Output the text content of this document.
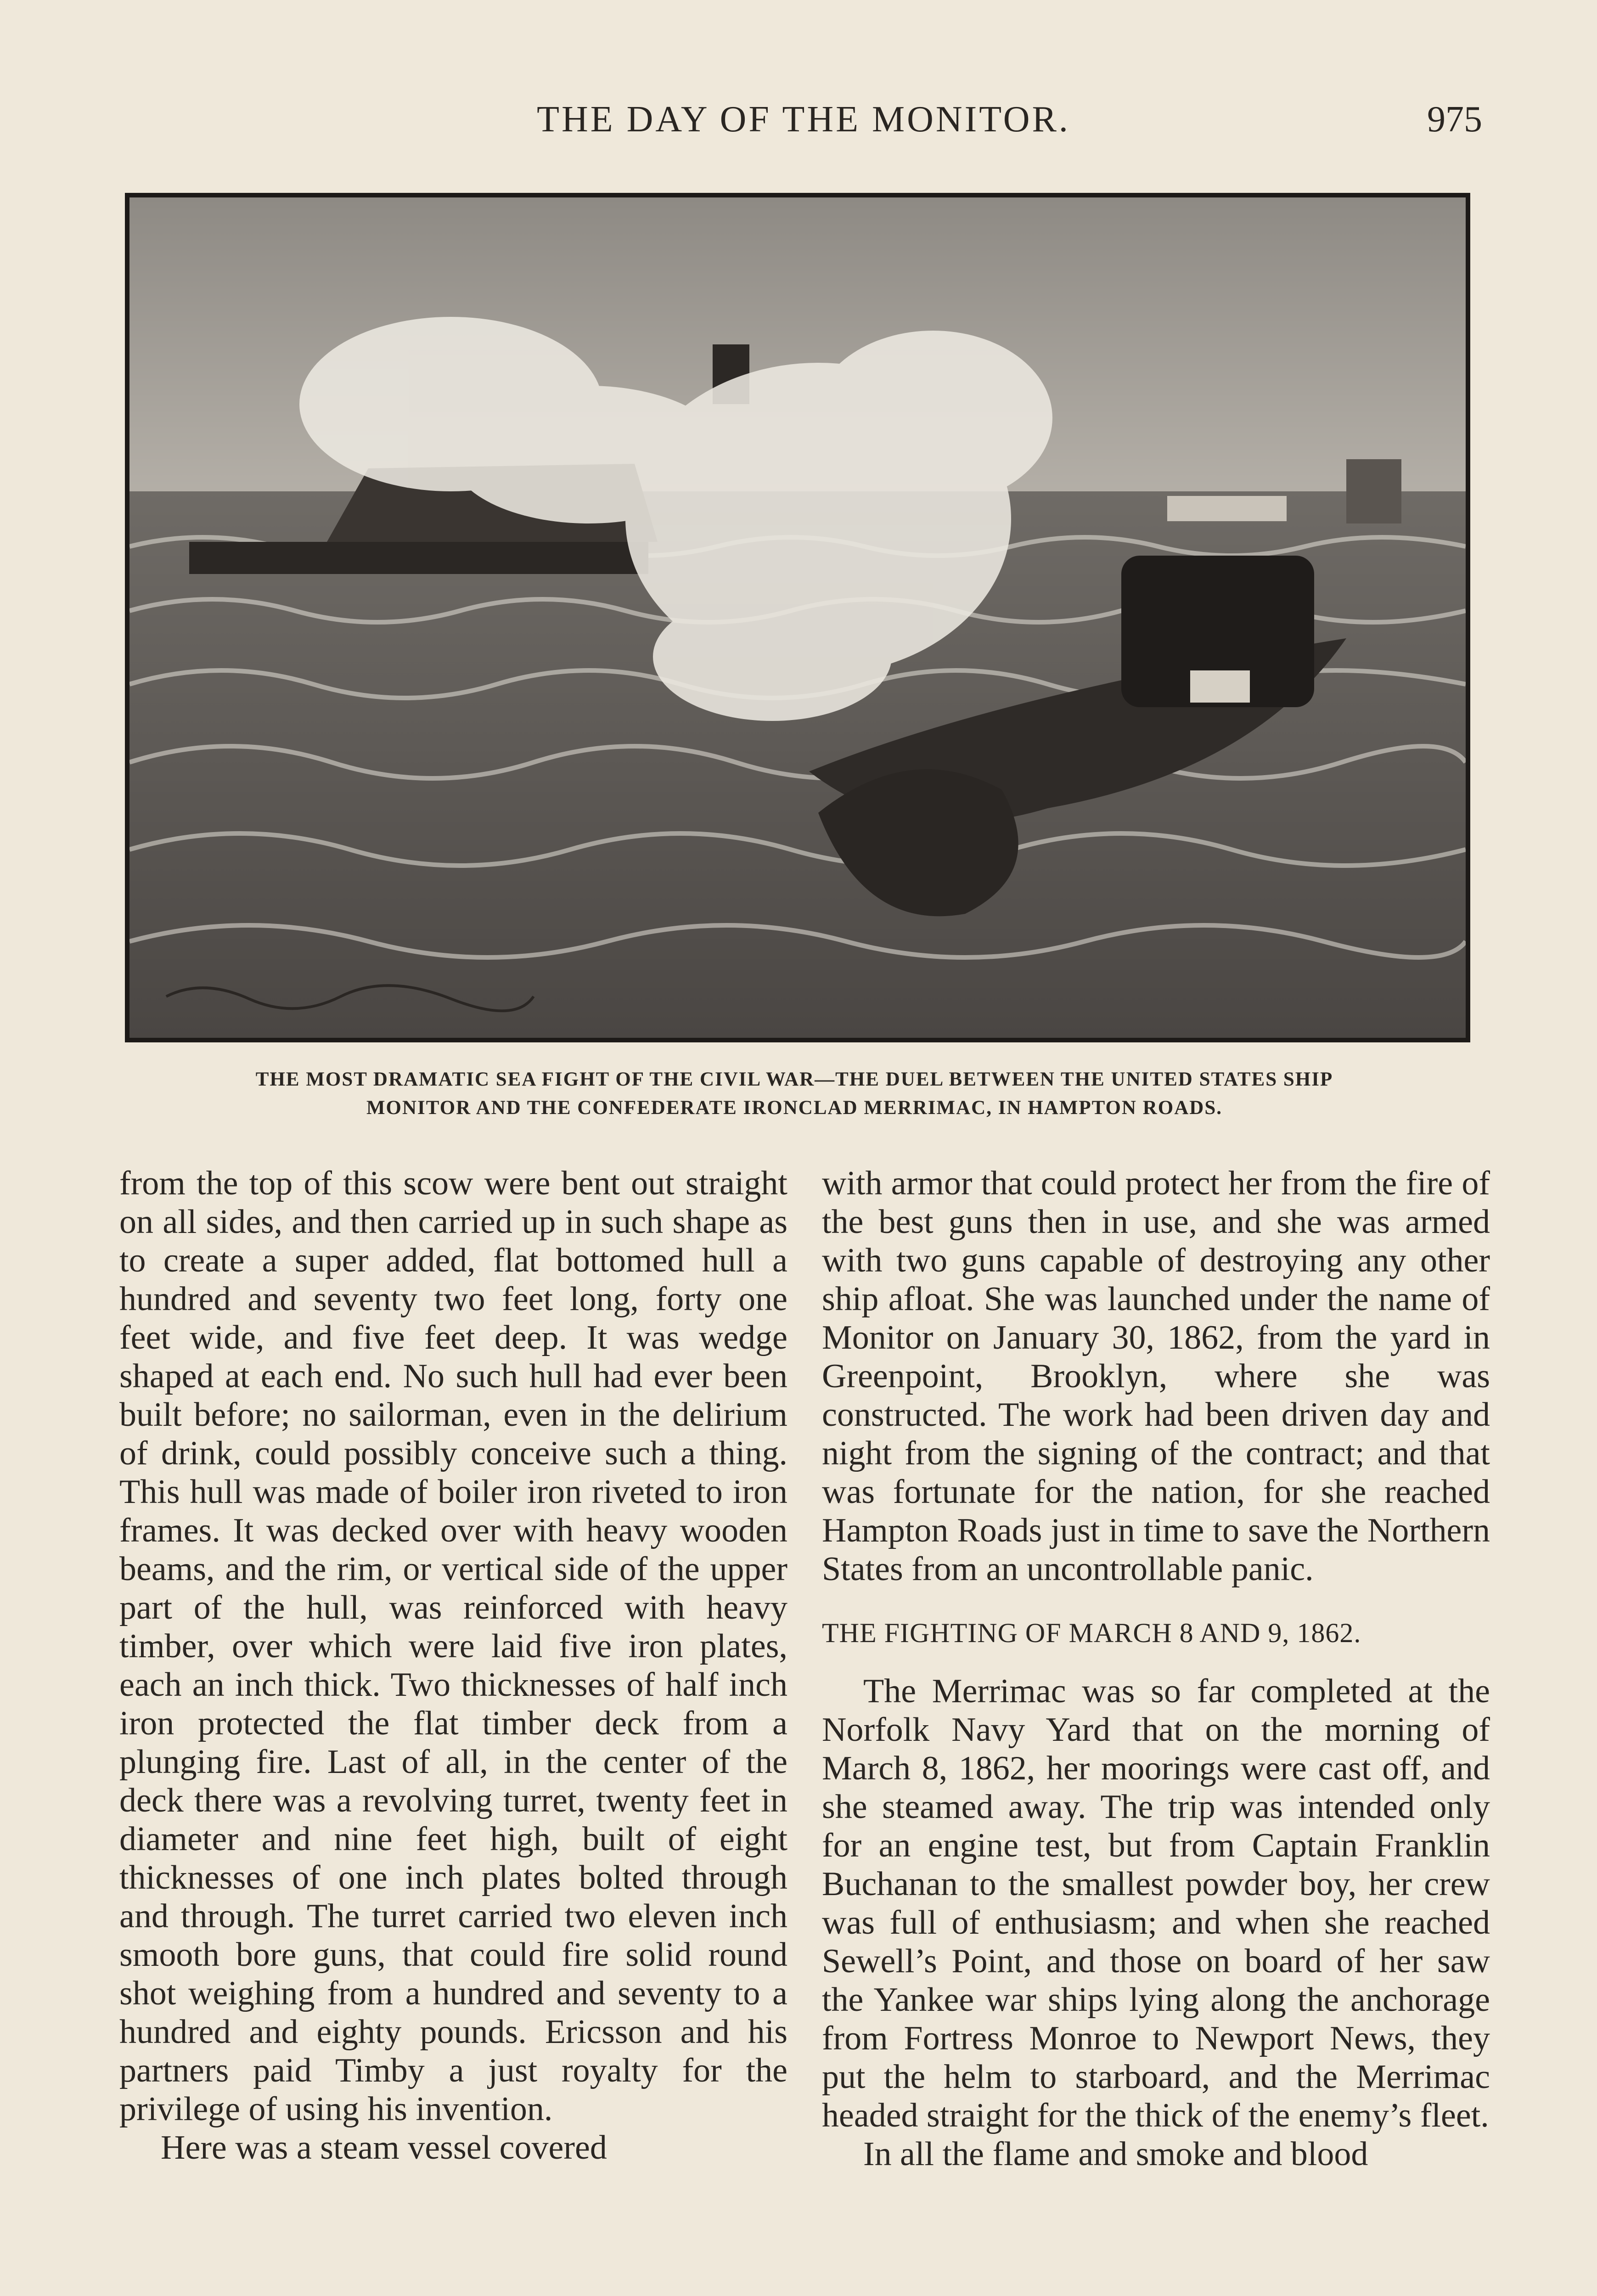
THE DAY OF THE MONITOR.	975
THE MOST DRAMATIC SEA FIGHT OF THE CIVIL WAR—THE DUEL BETWEEN THE UNITED STATES SHIP
MONITOR AND THE CONFEDERATE IRONCLAD MERRIMAC, IN HAMPTON ROADS.

from the top of this scow were bent out straight on all sides, and then carried up in such shape as to create a super added, flat bottomed hull a hundred and seventy two feet long, forty one feet wide, and five feet deep. It was wedge shaped at each end. No such hull had ever been built before; no sailorman, even in the delirium of drink, could possibly conceive such a thing. This hull was made of boiler iron riveted to iron frames. It was decked over with heavy wooden beams, and the rim, or vertical side of the upper part of the hull, was reinforced with heavy timber, over which were laid five iron plates, each an inch thick. Two thicknesses of half inch iron protected the flat timber deck from a plunging fire. Last of all, in the center of the deck there was a revolving turret, twenty feet in diameter and nine feet high, built of eight thicknesses of one inch plates bolted through and through. The turret carried two eleven inch smooth bore guns, that could fire solid round shot weighing from a hundred and seventy to a hundred and eighty pounds. Ericsson and his partners paid Timby a just royalty for the privilege of using his invention.

Here was a steam vessel covered

with armor that could protect her from the fire of the best guns then in use, and she was armed with two guns capable of destroying any other ship afloat. She was launched under the name of Monitor on January 30, 1862, from the yard in Greenpoint, Brooklyn, where she was constructed. The work had been driven day and night from the signing of the contract; and that was fortunate for the nation, for she reached Hampton Roads just in time to save the Northern States from an uncontrollable panic.

THE FIGHTING OF MARCH 8 AND 9, 1862.

The Merrimac was so far completed at the Norfolk Navy Yard that on the morning of March 8, 1862, her moorings were cast off, and she steamed away. The trip was intended only for an engine test, but from Captain Franklin Buchanan to the smallest powder boy, her crew was full of enthusiasm; and when she reached Sewell’s Point, and those on board of her saw the Yankee war ships lying along the anchorage from Fortress Monroe to Newport News, they put the helm to starboard, and the Merrimac headed straight for the thick of the enemy’s fleet.

In all the flame and smoke and blood
